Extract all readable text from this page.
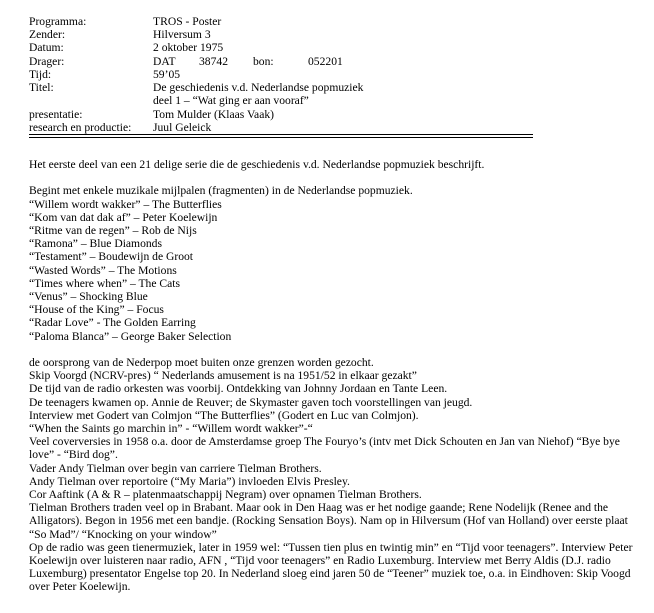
Programma:	TROS - Poster
Zender:	Hilversum 3
Datum:	2 oktober 1975
Drager:	DAT 38742 bon:	052201
Tijd:	59’05
Titel:	De geschiedenis v.d. Nederlandse popmuziek
deel 1 – “Wat ging er aan vooraf”
presentatie:	Tom Mulder (Klaas Vaak)
research en productie: Juul Geleick

Het eerste deel van een 21 delige serie die de geschiedenis v.d. Nederlandse popmuziek beschrijft.

Begint met enkele muzikale mijlpalen (fragmenten) in de Nederlandse popmuziek.

“Willem wordt wakker” – The Butterflies

“Kom van dat dak af” – Peter Koelewijn

“Ritme van de regen” – Rob de Nijs

“Ramona” – Blue Diamonds

“Testament” – Boudewijn de Groot

“Wasted Words” – The Motions

“Times where when” – The Cats

“Venus” – Shocking Blue

“House of the King” – Focus

“Radar Love” - The Golden Earring

“Paloma Blanca” – George Baker Selection

de oorsprong van de Nederpop moet buiten onze grenzen worden gezocht.

Skip Voorgd (NCRV-pres) “ Nederlands amusement is na 1951/52 in elkaar gezakt”

De tijd van de radio orkesten was voorbij. Ontdekking van Johnny Jordaan en Tante Leen.

De teenagers kwamen op. Annie de Reuver; de Skymaster gaven toch voorstellingen van jeugd.

Interview met Godert van Colmjon “The Butterflies” (Godert en Luc van Colmjon).

“When the Saints go marchin in” - “Willem wordt wakker”-“

Veel coverversies in 1958 o.a. door de Amsterdamse groep The Fouryo’s (intv met Dick Schouten en Jan van Niehof) “Bye bye love” - “Bird dog”.

Vader Andy Tielman over begin van carriere Tielman Brothers.

Andy Tielman over reportoire (“My Maria”) invloeden Elvis Presley.

Cor Aaftink (A & R – platenmaatschappij Negram) over opnamen Tielman Brothers.

Tielman Brothers traden veel op in Brabant. Maar ook in Den Haag was er het nodige gaande; Rene Nodelijk (Renee and the Alligators). Begon in 1956 met een bandje. (Rocking Sensation Boys). Nam op in Hilversum (Hof van Holland) over eerste plaat “So Mad”/ “Knocking on your window”

Op de radio was geen tienermuziek, later in 1959 wel: “Tussen tien plus en twintig min” en “Tijd voor teenagers”. Interview Peter Koelewijn over luisteren naar radio, AFN , “Tijd voor teenagers” en Radio Luxemburg. Interview met Berry Aldis (D.J. radio Luxemburg) presentator Engelse top 20. In Nederland sloeg eind jaren 50 de “Teener” muziek toe, o.a. in Eindhoven: Skip Voogd over Peter Koelewijn.
